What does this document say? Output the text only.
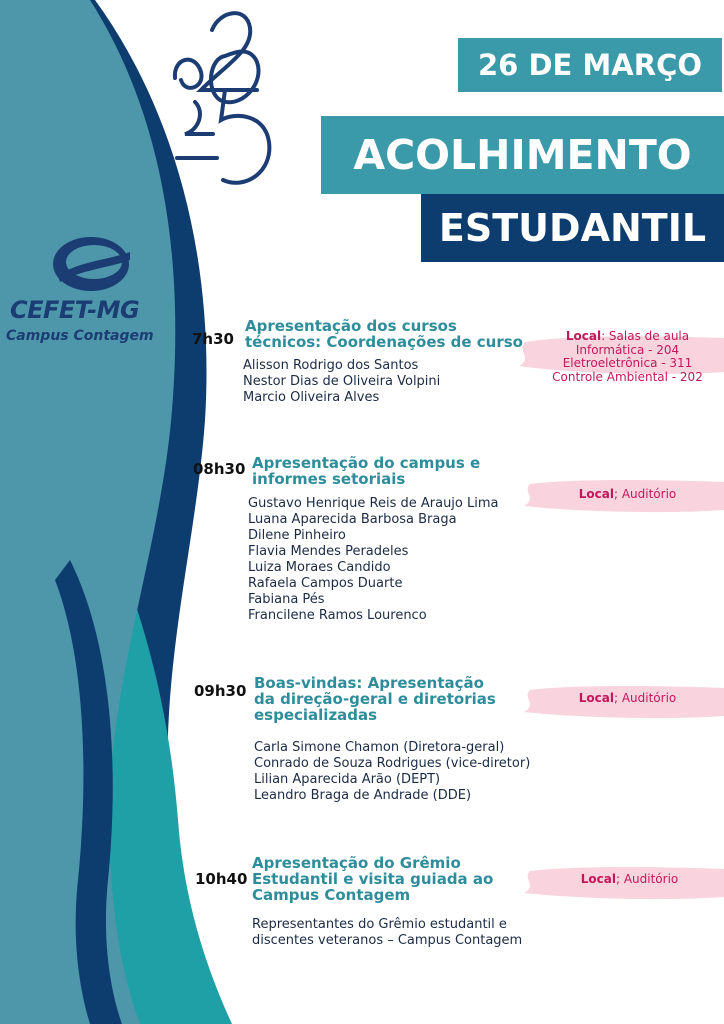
CEFET-MG
Campus Contagem
26 DE MARÇO
ACOLHIMENTO
ESTUDANTIL
7h30
Apresentação dos cursos
técnicos: Coordenações de curso
Alisson Rodrigo dos Santos
Nestor Dias de Oliveira Volpini
Marcio Oliveira Alves
Local: Salas de aula
Informática - 204
Eletroeletrônica - 311
Controle Ambiental - 202
08h30 Apresentação do campus e
informes setoriais
Gustavo Henrique Reis de Araujo Lima
Luana Aparecida Barbosa Braga
Dilene Pinheiro
Flavia Mendes Peradeles
Luiza Moraes Candido
Rafaela Campos Duarte
Fabiana Pés
Francilene Ramos Lourenco
Local; Auditório
09h30 Boas-vindas: Apresentação
da direção-geral e diretorias
especializadas
Carla Simone Chamon (Diretora-geral)
Conrado de Souza Rodrigues (vice-diretor)
Lilian Aparecida Arão (DEPT)
Leandro Braga de Andrade (DDE)
Local; Auditório
10h40
Apresentação do Grêmio
Estudantil e visita guiada ao
Campus Contagem
Representantes do Grêmio estudantil e
discentes veteranos – Campus Contagem
Local; Auditório
